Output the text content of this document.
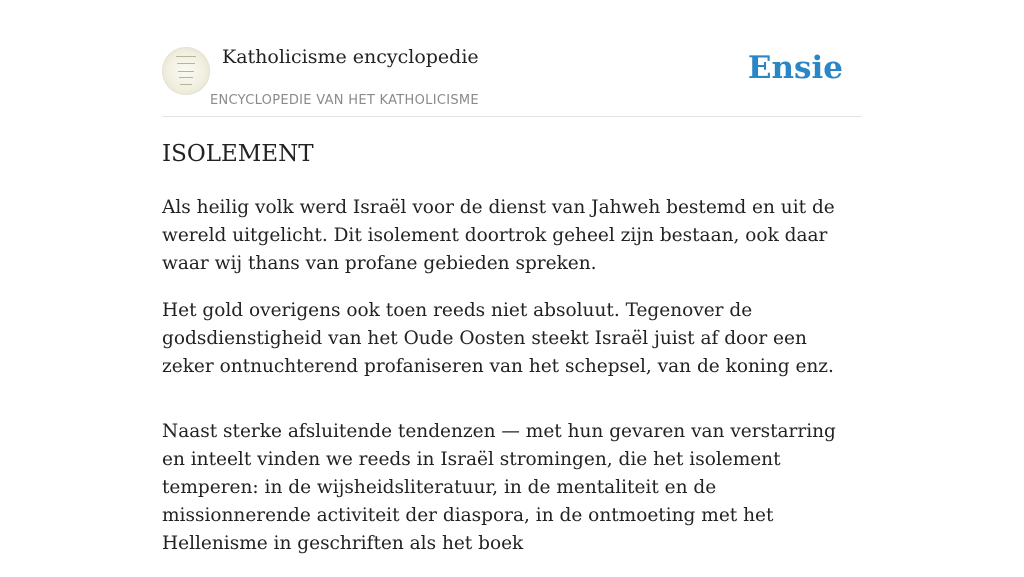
Katholicisme encyclopedie
ENCYCLOPEDIE VAN HET KATHOLICISME
Ensie
ISOLEMENT

Als heilig volk werd Israël voor de dienst van Jahweh bestemd en uit de wereld uitgelicht. Dit isolement doortrok geheel zijn bestaan, ook daar waar wij thans van profane gebieden spreken.

Het gold overigens ook toen reeds niet absoluut. Tegenover de godsdienstigheid van het Oude Oosten steekt Israël juist af door een zeker ontnuchterend profaniseren van het schepsel, van de koning enz.

Naast sterke afsluitende tendenzen — met hun gevaren van verstarring en inteelt vinden we reeds in Israël stromingen, die het isolement temperen: in de wijsheidsliteratuur, in de mentaliteit en de missionnerende activiteit der diaspora, in de ontmoeting met het Hellenisme in geschriften als het boek
